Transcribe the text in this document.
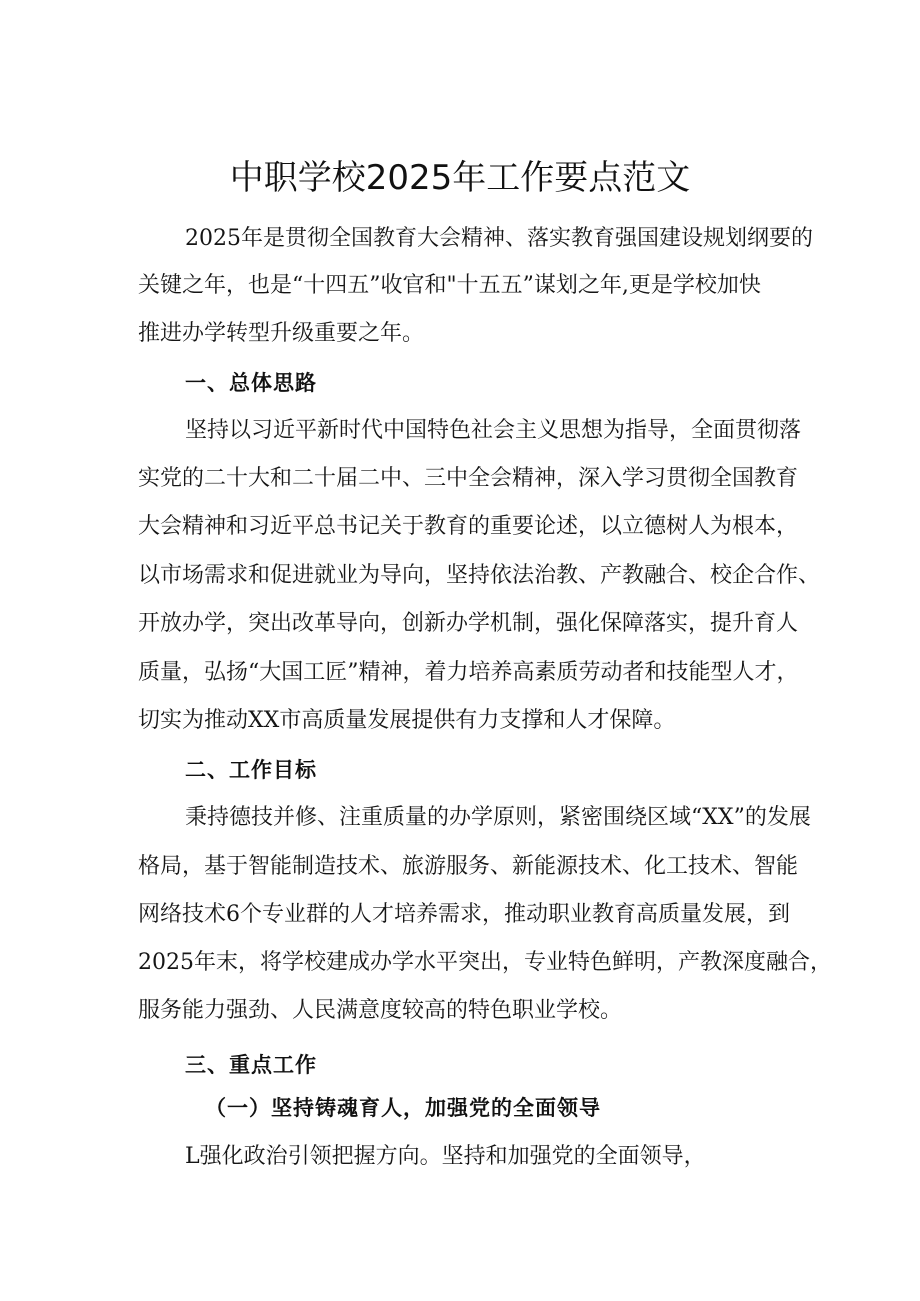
中职学校2025年工作要点范文
2025年是贯彻全国教育大会精神、落实教育强国建设规划纲要的
关键之年，也是“十四五”收官和"十五五”谋划之年,更是学校加快
推进办学转型升级重要之年。
一、总体思路
坚持以习近平新时代中国特色社会主义思想为指导，全面贯彻落
实党的二十大和二十届二中、三中全会精神，深入学习贯彻全国教育
大会精神和习近平总书记关于教育的重要论述，以立德树人为根本，
以市场需求和促进就业为导向，坚持依法治教、产教融合、校企合作、
开放办学，突出改革导向，创新办学机制，强化保障落实，提升育人
质量，弘扬“大国工匠”精神，着力培养高素质劳动者和技能型人才，
切实为推动XX市高质量发展提供有力支撑和人才保障。
二、工作目标
秉持德技并修、注重质量的办学原则，紧密围绕区域“XX”的发展
格局，基于智能制造技术、旅游服务、新能源技术、化工技术、智能
网络技术6个专业群的人才培养需求，推动职业教育高质量发展，到
2025年末，将学校建成办学水平突出，专业特色鲜明，产教深度融合，
服务能力强劲、人民满意度较高的特色职业学校。
三、重点工作
（一）坚持铸魂育人，加强党的全面领导
L强化政治引领把握方向。坚持和加强党的全面领导，
